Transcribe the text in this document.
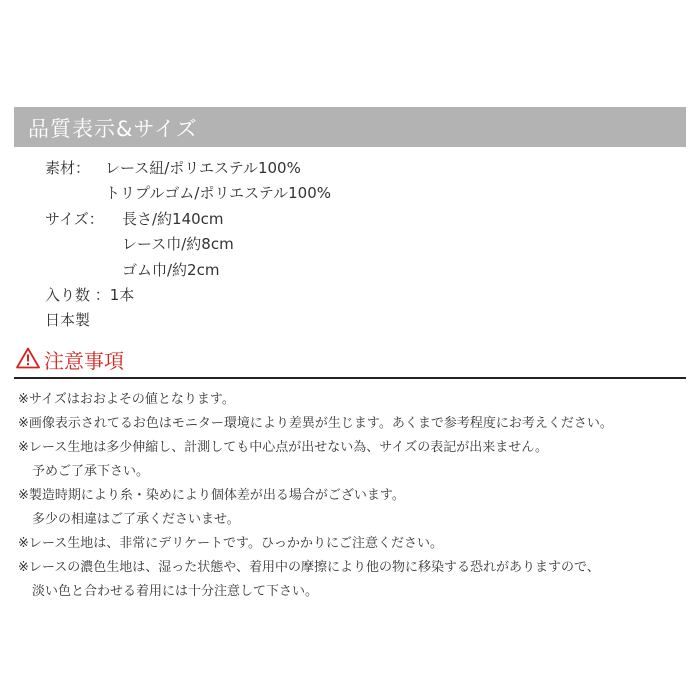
品質表示&サイズ
素材： レース紐/ポリエステル100%
トリプルゴム/ポリエステル100%
サイズ： 長さ/約140cm
レース巾/約8cm
ゴム巾/約2cm
入り数 ：1本
日本製
注意事項
※サイズはおおよその値となります。
※画像表示されてるお色はモニター環境により差異が生じます。あくまで参考程度にお考えください。
※レース生地は多少伸縮し、計測しても中心点が出せない為、サイズの表記が出来ません。
予めご了承下さい。
※製造時期により糸・染めにより個体差が出る場合がございます。
多少の相違はご了承くださいませ。
※レース生地は、非常にデリケートです。ひっかかりにご注意ください。
※レースの濃色生地は、湿った状態や、着用中の摩擦により他の物に移染する恐れがありますので、
淡い色と合わせる着用には十分注意して下さい。
